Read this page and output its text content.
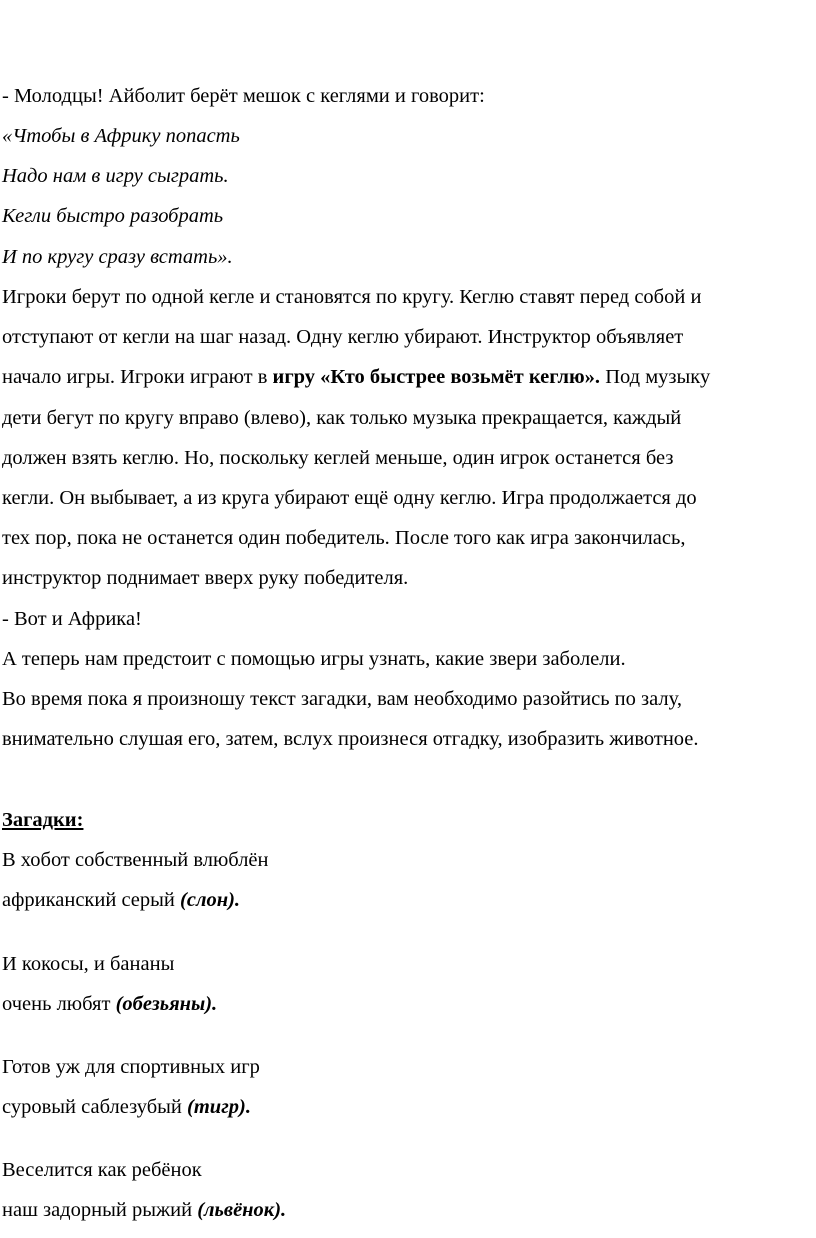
- Молодцы! Айболит берёт мешок с кеглями и говорит:
«Чтобы в Африку попасть
Надо нам в игру сыграть.
Кегли быстро разобрать
И по кругу сразу встать».
Игроки берут по одной кегле и становятся по кругу. Кеглю ставят перед собой и
отступают от кегли на шаг назад. Одну кеглю убирают. Инструктор объявляет
начало игры. Игроки играют в игру «Кто быстрее возьмёт кеглю». Под музыку
дети бегут по кругу вправо (влево), как только музыка прекращается, каждый
должен взять кеглю. Но, поскольку кеглей меньше, один игрок останется без
кегли. Он выбывает, а из круга убирают ещё одну кеглю. Игра продолжается до
тех пор, пока не останется один победитель. После того как игра закончилась,
инструктор поднимает вверх руку победителя.
- Вот и Африка!
А теперь нам предстоит с помощью игры узнать, какие звери заболели.
Во время пока я произношу текст загадки, вам необходимо разойтись по залу,
внимательно слушая его, затем, вслух произнеся отгадку, изобразить животное.
Загадки:
В хобот собственный влюблён
африканский серый (слон).
И кокосы, и бананы
очень любят (обезьяны).
Готов уж для спортивных игр
суровый саблезубый (тигр).
Веселится как ребёнок
наш задорный рыжий (львёнок).
